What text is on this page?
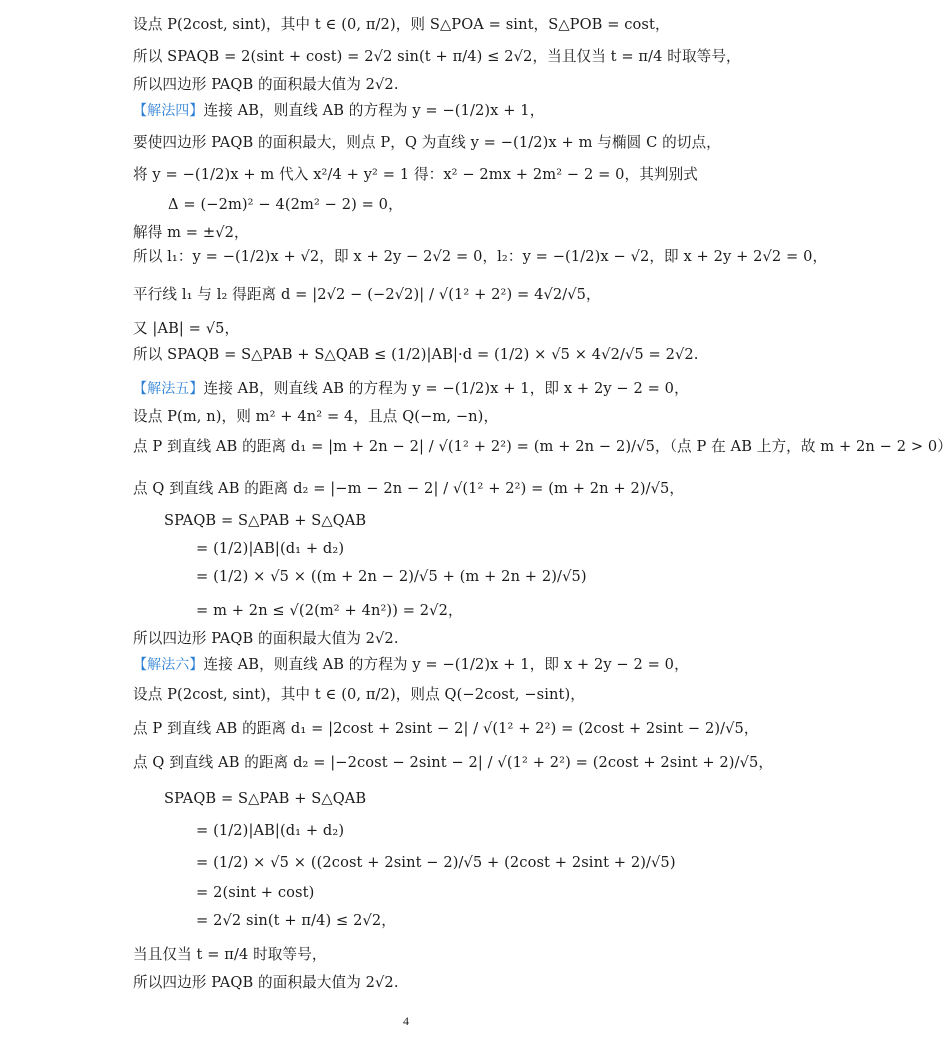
设点 P(2cost, sint)，其中 t ∈ (0, π/2)，则 S△POA = sint，S△POB = cost，
所以 SPAQB = 2(sint + cost) = 2√2 sin(t + π/4) ≤ 2√2，当且仅当 t = π/4 时取等号，
所以四边形 PAQB 的面积最大值为 2√2.
【解法四】连接 AB，则直线 AB 的方程为 y = −(1/2)x + 1，
要使四边形 PAQB 的面积最大，则点 P，Q 为直线 y = −(1/2)x + m 与椭圆 C 的切点，
将 y = −(1/2)x + m 代入 x²/4 + y² = 1 得：x² − 2mx + 2m² − 2 = 0，其判别式
Δ = (−2m)² − 4(2m² − 2) = 0，
解得 m = ±√2，
所以 l₁：y = −(1/2)x + √2，即 x + 2y − 2√2 = 0，l₂：y = −(1/2)x − √2，即 x + 2y + 2√2 = 0，
平行线 l₁ 与 l₂ 得距离 d = |2√2 − (−2√2)| / √(1² + 2²) = 4√2/√5，
又 |AB| = √5，
所以 SPAQB = S△PAB + S△QAB ≤ (1/2)|AB|·d = (1/2) × √5 × 4√2/√5 = 2√2.
【解法五】连接 AB，则直线 AB 的方程为 y = −(1/2)x + 1，即 x + 2y − 2 = 0，
设点 P(m, n)，则 m² + 4n² = 4，且点 Q(−m, −n)，
点 P 到直线 AB 的距离 d₁ = |m + 2n − 2| / √(1² + 2²) = (m + 2n − 2)/√5，（点 P 在 AB 上方，故 m + 2n − 2 > 0）
点 Q 到直线 AB 的距离 d₂ = |−m − 2n − 2| / √(1² + 2²) = (m + 2n + 2)/√5，
SPAQB = S△PAB + S△QAB
= (1/2)|AB|(d₁ + d₂)
= (1/2) × √5 × ((m + 2n − 2)/√5 + (m + 2n + 2)/√5)
= m + 2n ≤ √(2(m² + 4n²)) = 2√2，
所以四边形 PAQB 的面积最大值为 2√2.
【解法六】连接 AB，则直线 AB 的方程为 y = −(1/2)x + 1，即 x + 2y − 2 = 0，
设点 P(2cost, sint)，其中 t ∈ (0, π/2)，则点 Q(−2cost, −sint)，
点 P 到直线 AB 的距离 d₁ = |2cost + 2sint − 2| / √(1² + 2²) = (2cost + 2sint − 2)/√5，
点 Q 到直线 AB 的距离 d₂ = |−2cost − 2sint − 2| / √(1² + 2²) = (2cost + 2sint + 2)/√5，
SPAQB = S△PAB + S△QAB
= (1/2)|AB|(d₁ + d₂)
= (1/2) × √5 × ((2cost + 2sint − 2)/√5 + (2cost + 2sint + 2)/√5)
= 2(sint + cost)
= 2√2 sin(t + π/4) ≤ 2√2，
当且仅当 t = π/4 时取等号，
所以四边形 PAQB 的面积最大值为 2√2.
4
